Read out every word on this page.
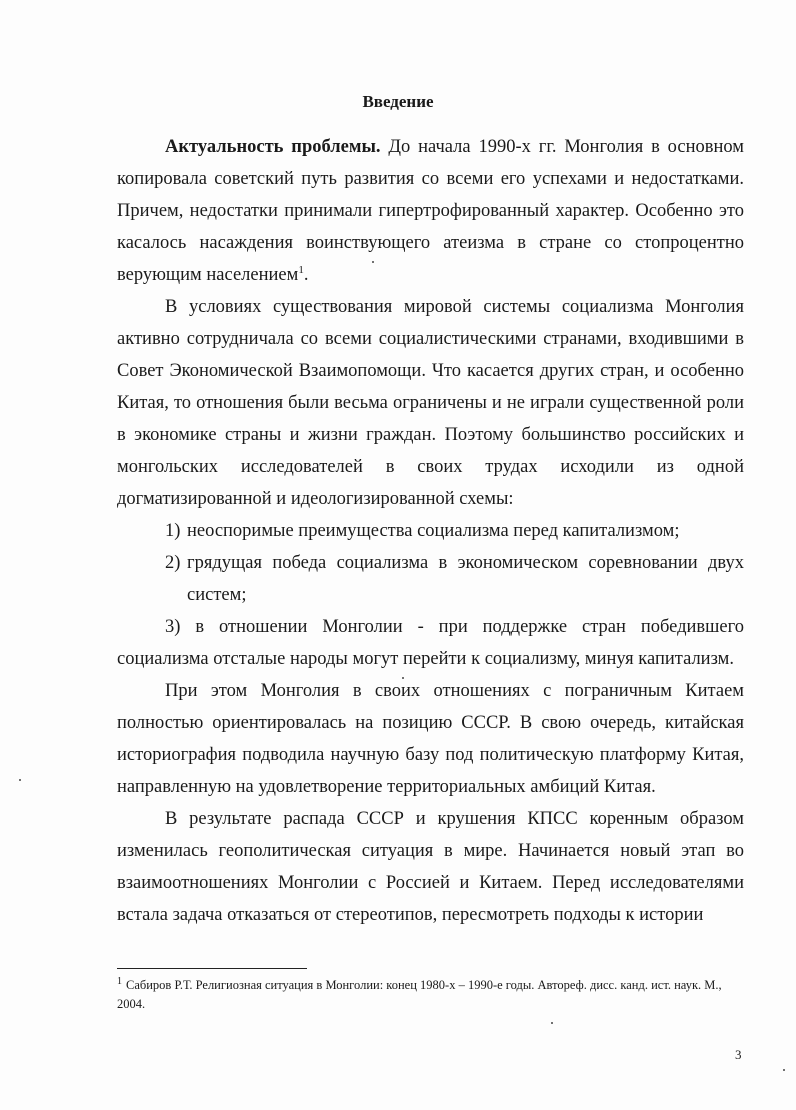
Введение

Актуальность проблемы. До начала 1990-х гг. Монголия в основном копировала советский путь развития со всеми его успехами и недостатками. Причем, недостатки принимали гипертрофированный характер. Особенно это касалось насаждения воинствующего атеизма в стране со стопроцентно верующим населением$^1$.

В условиях существования мировой системы социализма Монголия активно сотрудничала со всеми социалистическими странами, входившими в Совет Экономической Взаимопомощи. Что касается других стран, и особенно Китая, то отношения были весьма ограничены и не играли существенной роли в экономике страны и жизни граждан. Поэтому большинство российских и монгольских исследователей в своих трудах исходили из одной догматизированной и идеологизированной схемы:

1) неоспоримые преимущества социализма перед капитализмом;

2) грядущая победа социализма в экономическом соревновании двух систем;

3) в отношении Монголии - при поддержке стран победившего социализма отсталые народы могут перейти к социализму, минуя капитализм.

При этом Монголия в своих отношениях с пограничным Китаем полностью ориентировалась на позицию СССР. В свою очередь, китайская историография подводила научную базу под политическую платформу Китая, направленную на удовлетворение территориальных амбиций Китая.

В результате распада СССР и крушения КПСС коренным образом изменилась геополитическая ситуация в мире. Начинается новый этап во взаимоотношениях Монголии с Россией и Китаем. Перед исследователями встала задача отказаться от стереотипов, пересмотреть подходы к истории

$^1$ Сабиров Р.Т. Религиозная ситуация в Монголии: конец 1980-х – 1990-е годы. Автореф. дисс. канд. ист. наук. М., 2004.
3
